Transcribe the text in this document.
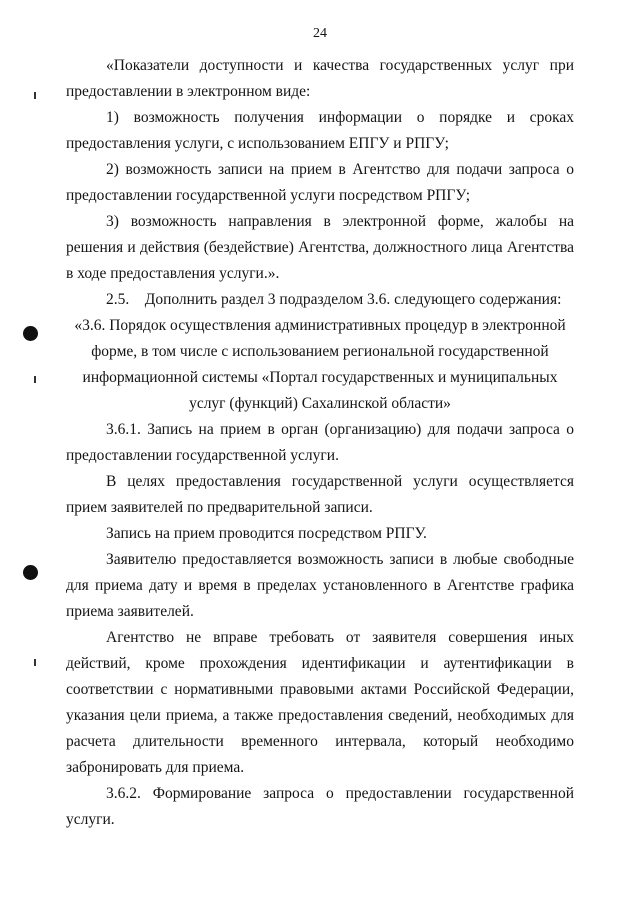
24
«Показатели доступности и качества государственных услуг при предоставлении в электронном виде:
1) возможность получения информации о порядке и сроках предоставления услуги, с использованием ЕПГУ и РПГУ;
2) возможность записи на прием в Агентство для подачи запроса о предоставлении государственной услуги посредством РПГУ;
3) возможность направления в электронной форме, жалобы на решения и действия (бездействие) Агентства, должностного лица Агентства в ходе предоставления услуги.».
2.5. Дополнить раздел 3 подразделом 3.6. следующего содержания:
«3.6. Порядок осуществления административных процедур в электронной форме, в том числе с использованием региональной государственной информационной системы «Портал государственных и муниципальных услуг (функций) Сахалинской области»
3.6.1. Запись на прием в орган (организацию) для подачи запроса о предоставлении государственной услуги.
В целях предоставления государственной услуги осуществляется прием заявителей по предварительной записи.
Запись на прием проводится посредством РПГУ.
Заявителю предоставляется возможность записи в любые свободные для приема дату и время в пределах установленного в Агентстве графика приема заявителей.
Агентство не вправе требовать от заявителя совершения иных действий, кроме прохождения идентификации и аутентификации в соответствии с нормативными правовыми актами Российской Федерации, указания цели приема, а также предоставления сведений, необходимых для расчета длительности временного интервала, который необходимо забронировать для приема.
3.6.2. Формирование запроса о предоставлении государственной услуги.
